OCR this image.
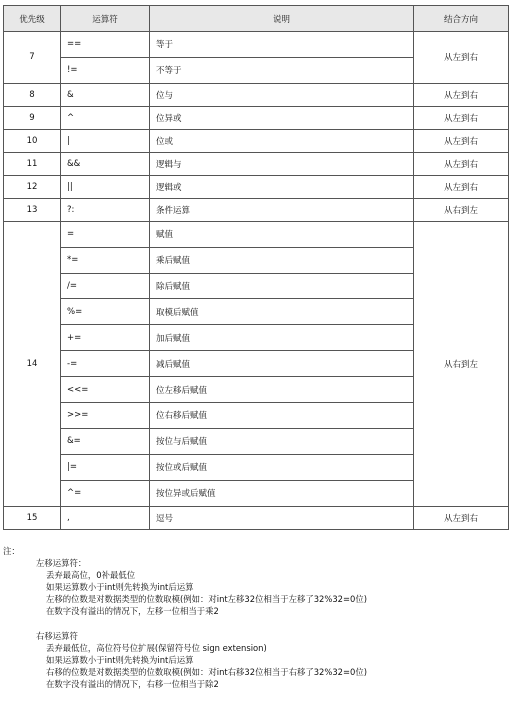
优先级	运算符	说明	结合方向
7	==	等于	从左到右
	!=	不等于	
8	&	位与	从左到右
9	^	位异或	从左到右
10	|	位或	从左到右
11	&&	逻辑与	从左到右
12	||	逻辑或	从左到右
13	?:	条件运算	从右到左
14	=	赋值	从右到左
	*=	乘后赋值	
	/=	除后赋值	
	%=	取模后赋值	
	+=	加后赋值	
	-=	减后赋值	
	<<=	位左移后赋值	
	>>=	位右移后赋值	
	&=	按位与后赋值	
	|=	按位或后赋值	
	^=	按位异或后赋值	
15	,	逗号	从左到右
注：
左移运算符：
丢弃最高位，0补最低位
如果运算数小于int则先转换为int后运算
左移的位数是对数据类型的位数取模(例如：对int左移32位相当于左移了32%32=0位)
在数字没有溢出的情况下，左移一位相当于乘2
右移运算符
丢弃最低位，高位符号位扩展(保留符号位 sign extension)
如果运算数小于int则先转换为int后运算
右移的位数是对数据类型的位数取模(例如：对int右移32位相当于右移了32%32=0位)
在数字没有溢出的情况下，右移一位相当于除2
